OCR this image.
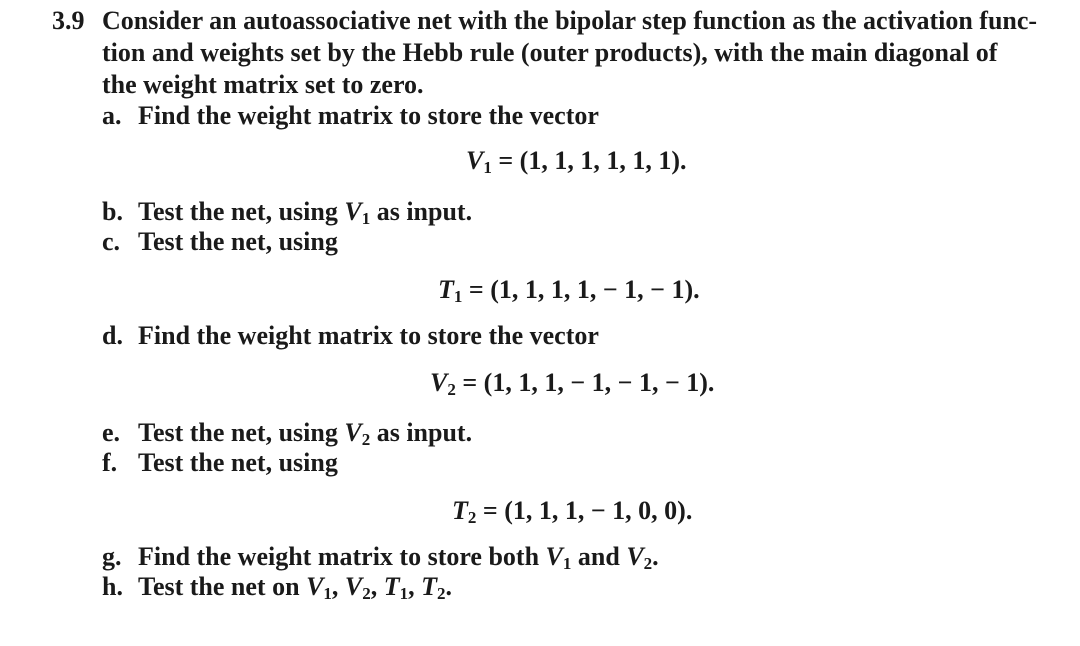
3.9 Consider an autoassociative net with the bipolar step function as the activation func-
tion and weights set by the Hebb rule (outer products), with the main diagonal of
the weight matrix set to zero.
a. Find the weight matrix to store the vector
$V_1 = (1$, 1, 1, 1, 1, 1).
b. Test the net, using $V_1$ as input.
c. Test the net, using
$T_1 = (1$, 1, 1, 1, − 1, − 1).
d. Find the weight matrix to store the vector
$V_2 = (1$, 1, 1, − 1, − 1, − 1).
e. Test the net, using $V_2$ as input.
f. Test the net, using
$T_2 = (1$, 1, 1, − 1, 0, 0).
g. Find the weight matrix to store both $V_1$ and $V_2$.
h. Test the net on $V_1$, $V_2$, $T_1$, $T_2$.
